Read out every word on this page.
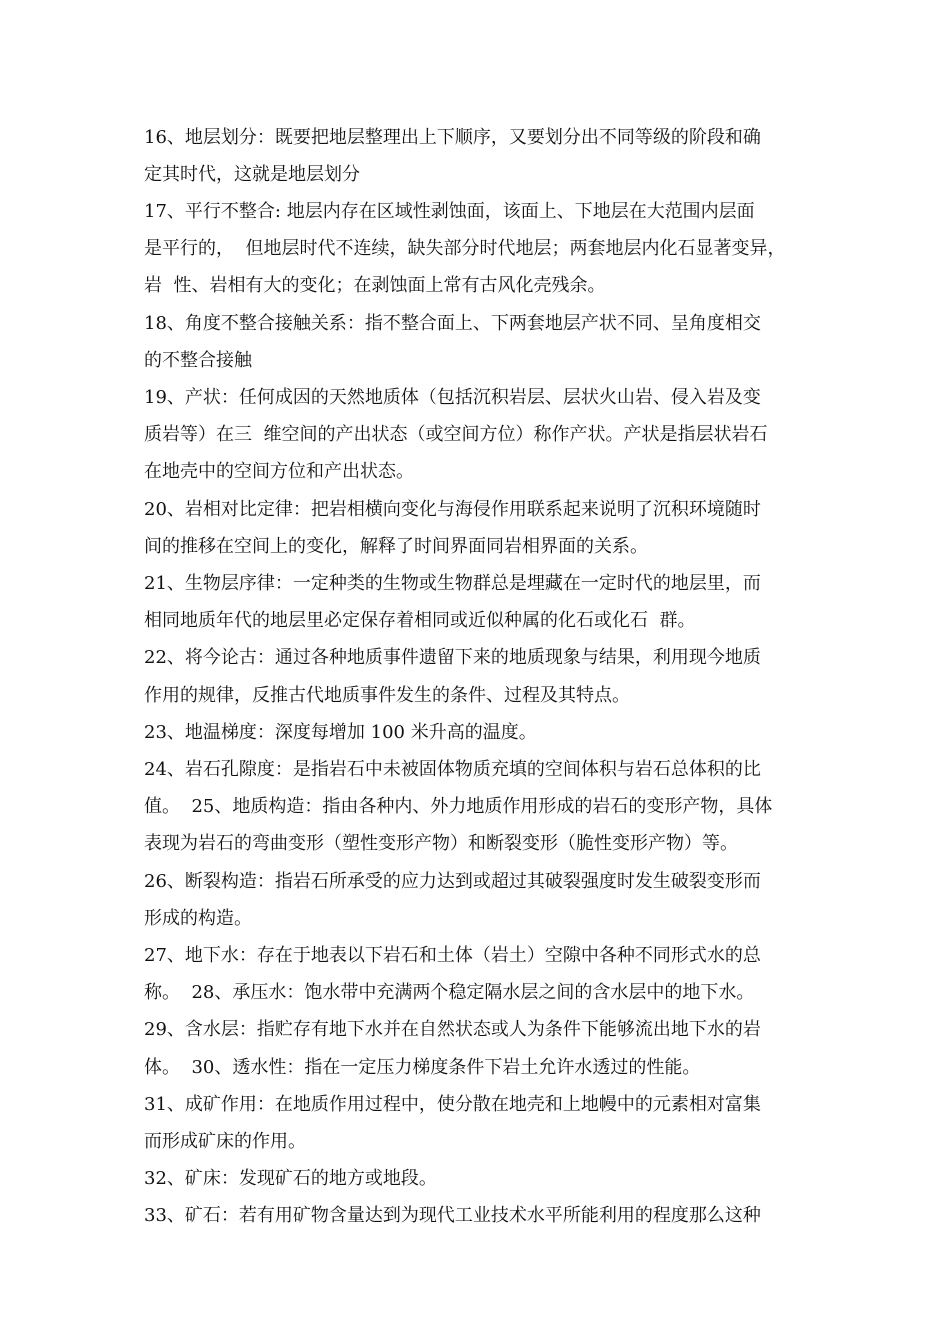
16、地层划分：既要把地层整理出上下顺序，又要划分出不同等级的阶段和确

定其时代，这就是地层划分

17、平行不整合: 地层内存在区域性剥蚀面，该面上、下地层在大范围内层面

是平行的，  但地层时代不连续，缺失部分时代地层；两套地层内化石显著变异，

岩  性、岩相有大的变化；在剥蚀面上常有古风化壳残余。

18、角度不整合接触关系：指不整合面上、下两套地层产状不同、呈角度相交

的不整合接触

19、产状：任何成因的天然地质体（包括沉积岩层、层状火山岩、侵入岩及变

质岩等）在三  维空间的产出状态（或空间方位）称作产状。产状是指层状岩石

在地壳中的空间方位和产出状态。

20、岩相对比定律：把岩相横向变化与海侵作用联系起来说明了沉积环境随时

间的推移在空间上的变化，解释了时间界面同岩相界面的关系。

21、生物层序律：一定种类的生物或生物群总是埋藏在一定时代的地层里，而

相同地质年代的地层里必定保存着相同或近似种属的化石或化石  群。

22、将今论古：通过各种地质事件遗留下来的地质现象与结果，利用现今地质

作用的规律，反推古代地质事件发生的条件、过程及其特点。

23、地温梯度：深度每增加 100 米升高的温度。

24、岩石孔隙度：是指岩石中未被固体物质充填的空间体积与岩石总体积的比

值。  25、地质构造：指由各种内、外力地质作用形成的岩石的变形产物，具体

表现为岩石的弯曲变形（塑性变形产物）和断裂变形（脆性变形产物）等。

26、断裂构造：指岩石所承受的应力达到或超过其破裂强度时发生破裂变形而

形成的构造。

27、地下水：存在于地表以下岩石和土体（岩土）空隙中各种不同形式水的总

称。  28、承压水：饱水带中充满两个稳定隔水层之间的含水层中的地下水。

29、含水层：指贮存有地下水并在自然状态或人为条件下能够流出地下水的岩

体。  30、透水性：指在一定压力梯度条件下岩土允许水透过的性能。

31、成矿作用：在地质作用过程中，使分散在地壳和上地幔中的元素相对富集

而形成矿床的作用。

32、矿床：发现矿石的地方或地段。

33、矿石：若有用矿物含量达到为现代工业技术水平所能利用的程度那么这种
